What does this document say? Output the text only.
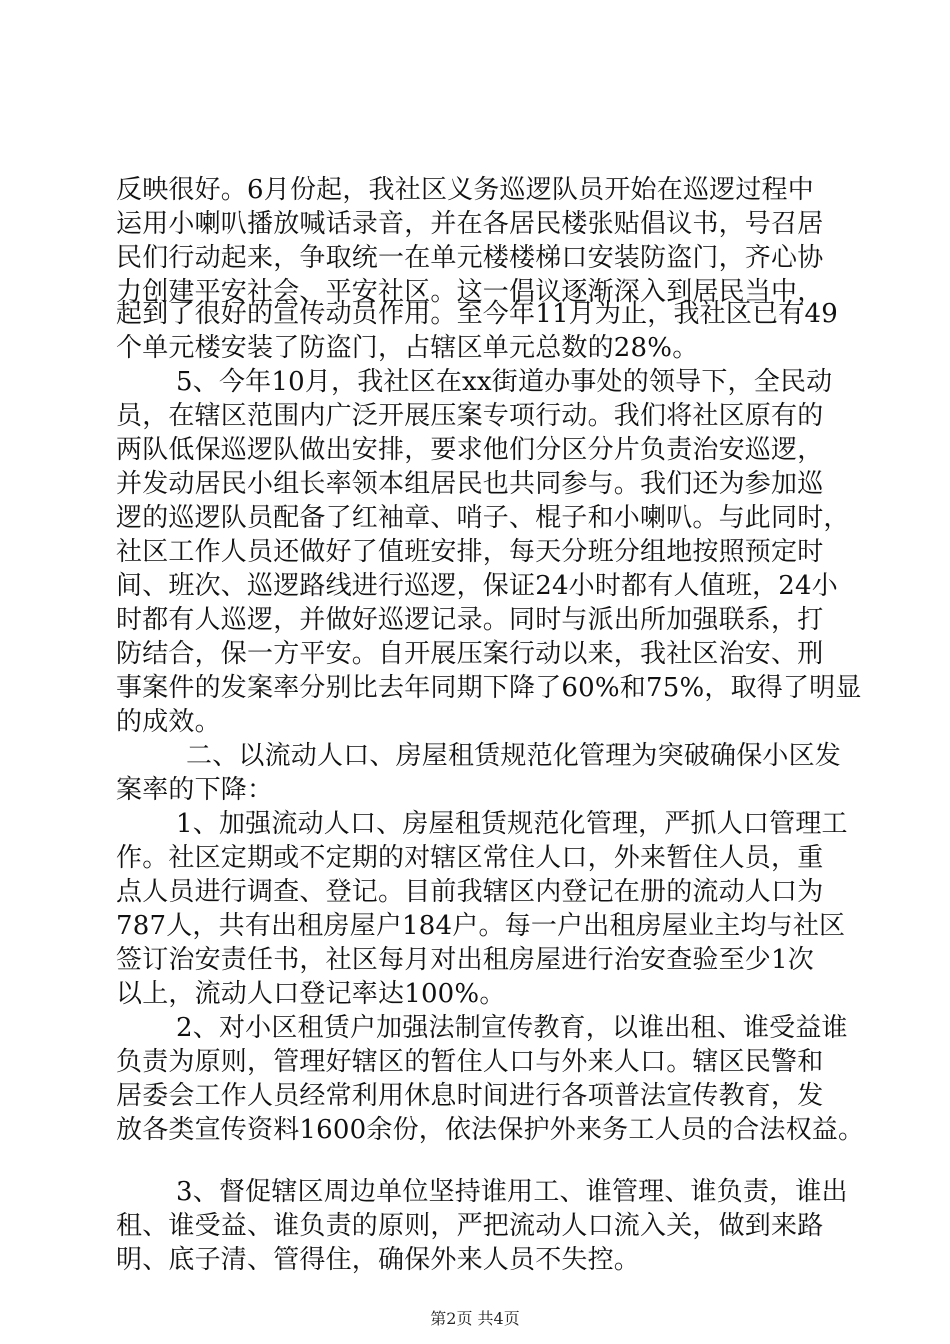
反映很好。6月份起，我社区义务巡逻队员开始在巡逻过程中
运用小喇叭播放喊话录音，并在各居民楼张贴倡议书，号召居
民们行动起来，争取统一在单元楼楼梯口安装防盗门，齐心协
力创建平安社会、平安社区。这一倡议逐渐深入到居民当中，
起到了很好的宣传动员作用。至今年11月为止，我社区已有49
个单元楼安装了防盗门，占辖区单元总数的28%。
5、今年10月，我社区在xx街道办事处的领导下，全民动
员，在辖区范围内广泛开展压案专项行动。我们将社区原有的
两队低保巡逻队做出安排，要求他们分区分片负责治安巡逻，
并发动居民小组长率领本组居民也共同参与。我们还为参加巡
逻的巡逻队员配备了红袖章、哨子、棍子和小喇叭。与此同时，
社区工作人员还做好了值班安排，每天分班分组地按照预定时
间、班次、巡逻路线进行巡逻，保证24小时都有人值班，24小
时都有人巡逻，并做好巡逻记录。同时与派出所加强联系，打
防结合，保一方平安。自开展压案行动以来，我社区治安、刑
事案件的发案率分别比去年同期下降了60%和75%，取得了明显
的成效。
二、以流动人口、房屋租赁规范化管理为突破确保小区发
案率的下降：
1、加强流动人口、房屋租赁规范化管理，严抓人口管理工
作。社区定期或不定期的对辖区常住人口，外来暂住人员，重
点人员进行调查、登记。目前我辖区内登记在册的流动人口为
787人，共有出租房屋户184户。每一户出租房屋业主均与社区
签订治安责任书，社区每月对出租房屋进行治安查验至少1次
以上，流动人口登记率达100%。
2、对小区租赁户加强法制宣传教育，以谁出租、谁受益谁
负责为原则，管理好辖区的暂住人口与外来人口。辖区民警和
居委会工作人员经常利用休息时间进行各项普法宣传教育，发
放各类宣传资料1600余份，依法保护外来务工人员的合法权益。
3、督促辖区周边单位坚持谁用工、谁管理、谁负责，谁出
租、谁受益、谁负责的原则，严把流动人口流入关，做到来路
明、底子清、管得住，确保外来人员不失控。
第2页 共4页
